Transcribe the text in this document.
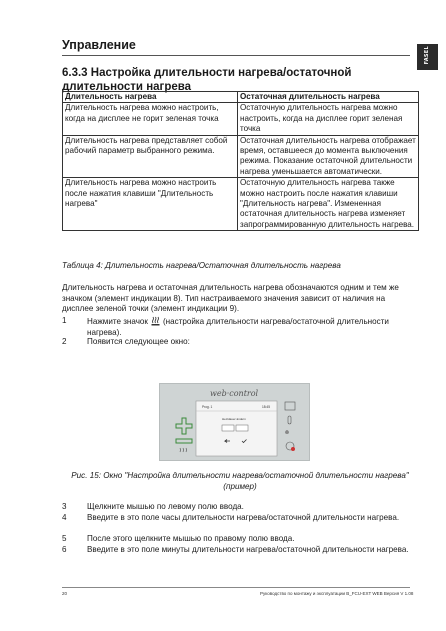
Управление
FASEL
6.3.3 Настройка длительности нагрева/остаточной длительности нагрева
Длительность нагрева	Остаточная длительность нагрева
Длительность нагрева можно настроить, когда на дисплее не горит зеленая точка	Остаточную длительность нагрева можно настроить, когда на дисплее горит зеленая точка
Длительность нагрева представляет собой рабочий параметр выбранного режима.	Остаточная длительность нагрева отображает время, оставшееся до момента выключения режима. Показание остаточной длительности нагрева уменьшается автоматически.
Длительность нагрева можно настроить после нажатия клавиши "Длительность нагрева"	Остаточную длительность нагрева также можно настроить после нажатия клавиши "Длительность нагрева". Измененная остаточная длительность нагрева изменяет запрограммированную длительность нагрева.
Таблица 4: Длительность нагрева/Остаточная длительность нагрева
Длительность нагрева и остаточная длительность нагрева обозначаются одним и тем же значком (элемент индикации 8). Тип настраиваемого значения зависит от наличия на дисплее зеленой точки (элемент индикации 9).
1	Нажмите значок (настройка длительности нагрева/остаточной длительности нагрева).
2	Появится следующее окно:
web·control
Prog. 1	18:45
Heizdauer ändern
Рис. 15: Окно "Настройка длительности нагрева/остаточной длительности нагрева" (пример)
3	Щелкните мышью по левому полю ввода.
4	Введите в это поле часы длительности нагрева/остаточной длительности нагрева.
5	После этого щелкните мышью по правому полю ввода.
6	Введите в это поле минуты длительности нагрева/остаточной длительности нагрева.
20	Руководство по монтажу и эксплуатации B_FCU-EXT WEB Версия V 1.08
